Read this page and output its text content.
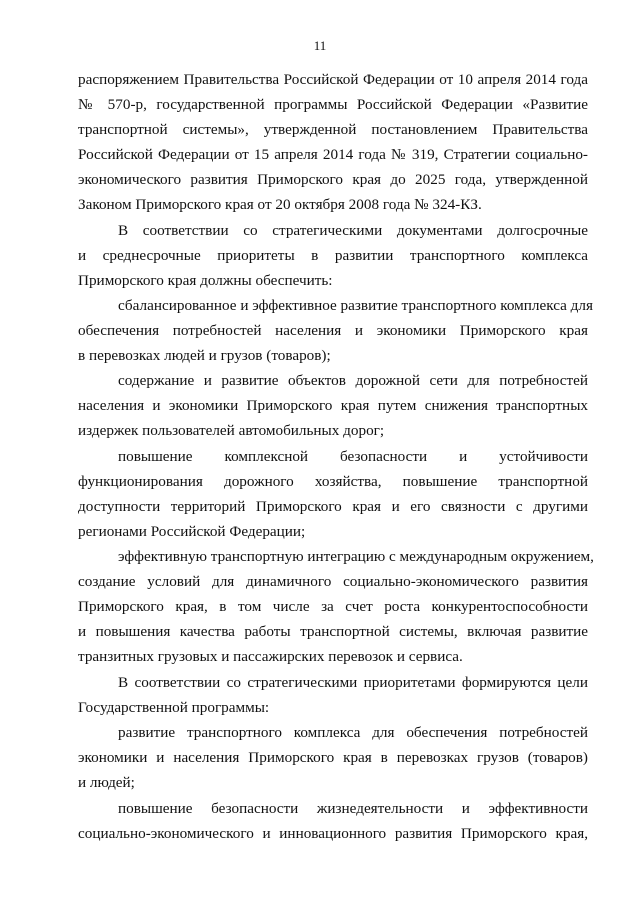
11
распоряжением Правительства Российской Федерации от 10 апреля 2014 года
№ 570-р, государственной программы Российской Федерации «Развитие
транспортной системы», утвержденной постановлением Правительства
Российской Федерации от 15 апреля 2014 года № 319, Стратегии социально-
экономического развития Приморского края до 2025 года, утвержденной
Законом Приморского края от 20 октября 2008 года № 324-КЗ.
В соответствии со стратегическими документами долгосрочные
и среднесрочные приоритеты в развитии транспортного комплекса
Приморского края должны обеспечить:
сбалансированное и эффективное развитие транспортного комплекса для
обеспечения потребностей населения и экономики Приморского края
в перевозках людей и грузов (товаров);
содержание и развитие объектов дорожной сети для потребностей
населения и экономики Приморского края путем снижения транспортных
издержек пользователей автомобильных дорог;
повышение комплексной безопасности и устойчивости
функционирования дорожного хозяйства, повышение транспортной
доступности территорий Приморского края и его связности с другими
регионами Российской Федерации;
эффективную транспортную интеграцию с международным окружением,
создание условий для динамичного социально-экономического развития
Приморского края, в том числе за счет роста конкурентоспособности
и повышения качества работы транспортной системы, включая развитие
транзитных грузовых и пассажирских перевозок и сервиса.
В соответствии со стратегическими приоритетами формируются цели
Государственной программы:
развитие транспортного комплекса для обеспечения потребностей
экономики и населения Приморского края в перевозках грузов (товаров)
и людей;
повышение безопасности жизнедеятельности и эффективности
социально-экономического и инновационного развития Приморского края,
